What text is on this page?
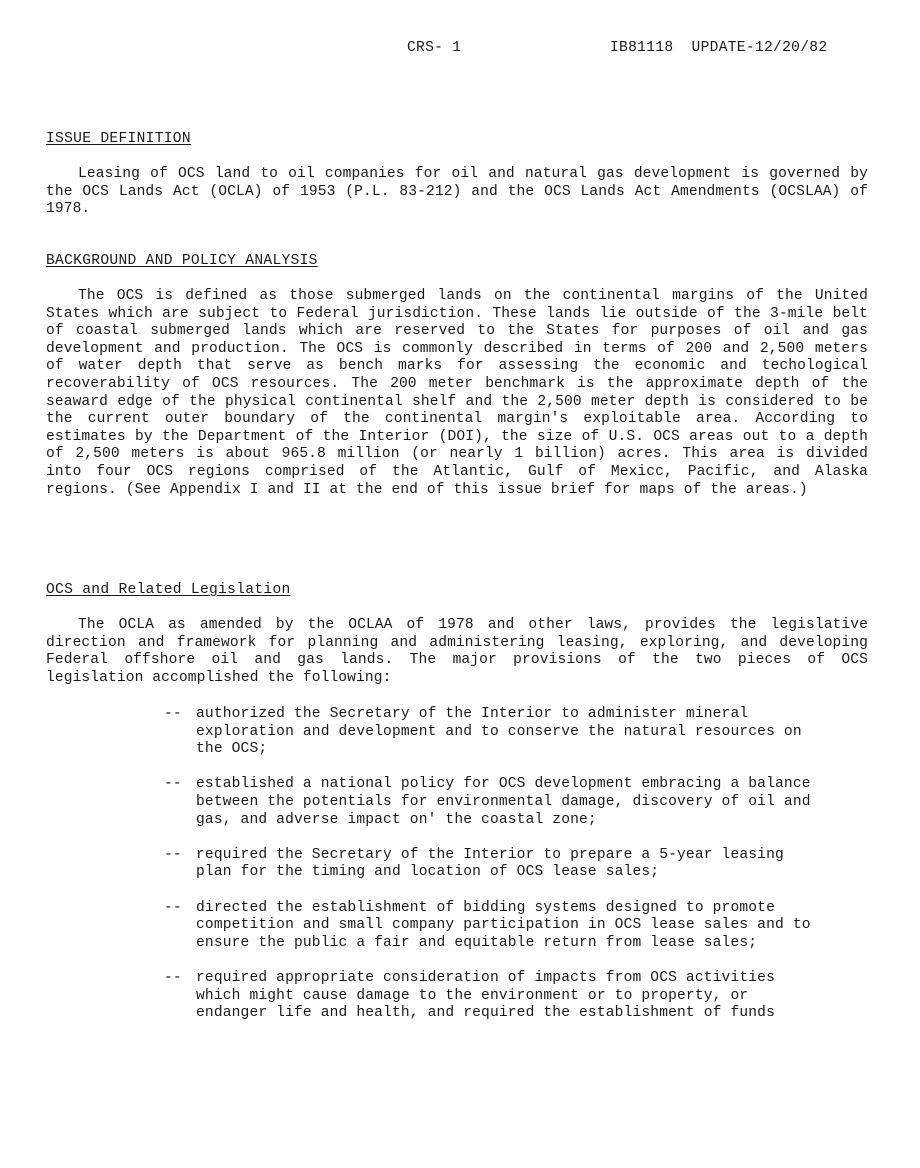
CRS- 1	IB81118  UPDATE-12/20/82
ISSUE DEFINITION

Leasing of OCS land to oil companies for oil and natural gas development is governed by the OCS Lands Act (OCLA) of 1953 (P.L. 83-212) and the OCS Lands Act Amendments (OCSLAA) of 1978.

BACKGROUND AND POLICY ANALYSIS

The OCS is defined as those submerged lands on the continental margins of the United States which are subject to Federal jurisdiction. These lands lie outside of the 3-mile belt of coastal submerged lands which are reserved to the States for purposes of oil and gas development and production. The OCS is commonly described in terms of 200 and 2,500 meters of water depth that serve as bench marks for assessing the economic and techological recoverability of OCS resources. The 200 meter benchmark is the approximate depth of the seaward edge of the physical continental shelf and the 2,500 meter depth is considered to be the current outer boundary of the continental margin's exploitable area. According to estimates by the Department of the Interior (DOI), the size of U.S. OCS areas out to a depth of 2,500 meters is about 965.8 million (or nearly 1 billion) acres. This area is divided into four OCS regions comprised of the Atlantic, Gulf of Mexicc, Pacific, and Alaska regions. (See Appendix I and II at the end of this issue brief for maps of the areas.)

OCS and Related Legislation

The OCLA as amended by the OCLAA of 1978 and other laws, provides the legislative direction and framework for planning and administering leasing, exploring, and developing Federal offshore oil and gas lands. The major provisions of the two pieces of OCS legislation accomplished the following:

-- authorized the Secretary of the Interior to administer mineral exploration and development and to conserve the natural resources on the OCS;
-- established a national policy for OCS development embracing a balance between the potentials for environmental damage, discovery of oil and gas, and adverse impact on' the coastal zone;
-- required the Secretary of the Interior to prepare a 5-year leasing plan for the timing and location of OCS lease sales;
-- directed the establishment of bidding systems designed to promote competition and small company participation in OCS lease sales and to ensure the public a fair and equitable return from lease sales;
-- required appropriate consideration of impacts from OCS activities which might cause damage to the environment or to property, or endanger life and health, and required the establishment of funds
